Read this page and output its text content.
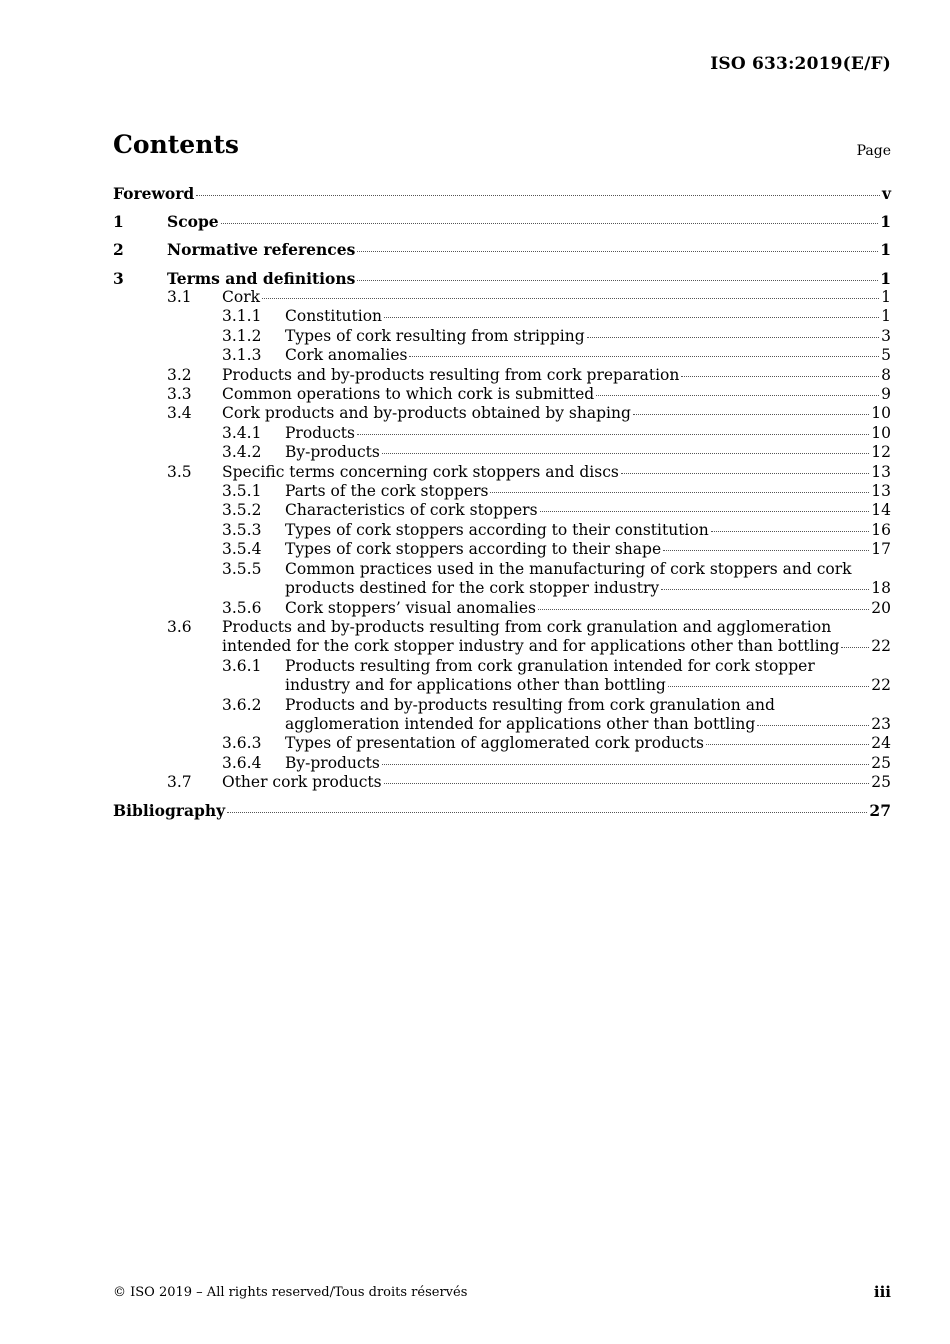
ISO 633:2019(E/F)
Contents	Page
Foreword	v
1	Scope	1
2	Normative references	1
3	Terms and definitions	1
3.1 Cork	1
3.1.1 Constitution	1
3.1.2 Types of cork resulting from stripping	3
3.1.3 Cork anomalies	5
3.2 Products and by-products resulting from cork preparation	8
3.3 Common operations to which cork is submitted	9
3.4 Cork products and by-products obtained by shaping	10
3.4.1 Products	10
3.4.2 By-products	12
3.5 Specific terms concerning cork stoppers and discs	13
3.5.1 Parts of the cork stoppers	13
3.5.2 Characteristics of cork stoppers	14
3.5.3 Types of cork stoppers according to their constitution	16
3.5.4 Types of cork stoppers according to their shape	17
3.5.5 Common practices used in the manufacturing of cork stoppers and cork
products destined for the cork stopper industry	18
3.5.6 Cork stoppers’ visual anomalies	20
3.6 Products and by-products resulting from cork granulation and agglomeration
intended for the cork stopper industry and for applications other than bottling 22
3.6.1 Products resulting from cork granulation intended for cork stopper
industry and for applications other than bottling	22
3.6.2 Products and by-products resulting from cork granulation and
agglomeration intended for applications other than bottling	23
3.6.3 Types of presentation of agglomerated cork products	24
3.6.4 By-products	25
3.7 Other cork products	25
Bibliography	27
© ISO 2019 – All rights reserved/Tous droits réservés	iii
